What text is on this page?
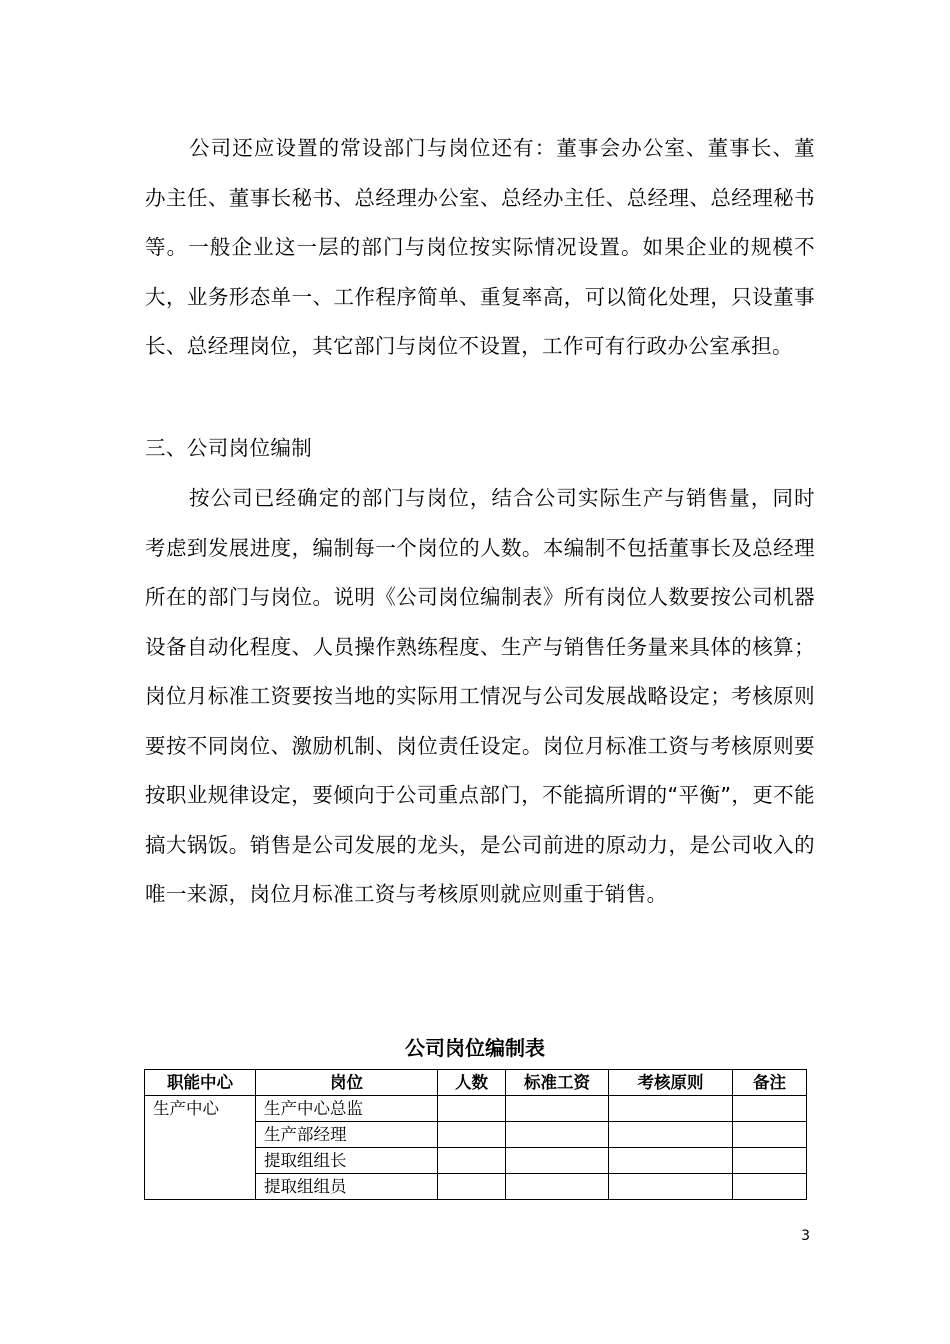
公司还应设置的常设部门与岗位还有：董事会办公室、董事长、董办主任、董事长秘书、总经理办公室、总经办主任、总经理、总经理秘书等。一般企业这一层的部门与岗位按实际情况设置。如果企业的规模不大，业务形态单一、工作程序简单、重复率高，可以简化处理，只设董事长、总经理岗位，其它部门与岗位不设置，工作可有行政办公室承担。

三、公司岗位编制

按公司已经确定的部门与岗位，结合公司实际生产与销售量，同时考虑到发展进度，编制每一个岗位的人数。本编制不包括董事长及总经理所在的部门与岗位。说明《公司岗位编制表》所有岗位人数要按公司机器设备自动化程度、人员操作熟练程度、生产与销售任务量来具体的核算；岗位月标准工资要按当地的实际用工情况与公司发展战略设定；考核原则要按不同岗位、激励机制、岗位责任设定。岗位月标准工资与考核原则要按职业规律设定，要倾向于公司重点部门，不能搞所谓的“平衡”，更不能搞大锅饭。销售是公司发展的龙头，是公司前进的原动力，是公司收入的唯一来源，岗位月标准工资与考核原则就应则重于销售。

公司岗位编制表

职能中心	岗位	人数	标准工资	考核原则	备注
生产中心	生产中心总监				
	生产部经理				
	提取组组长				
	提取组组员				
3
